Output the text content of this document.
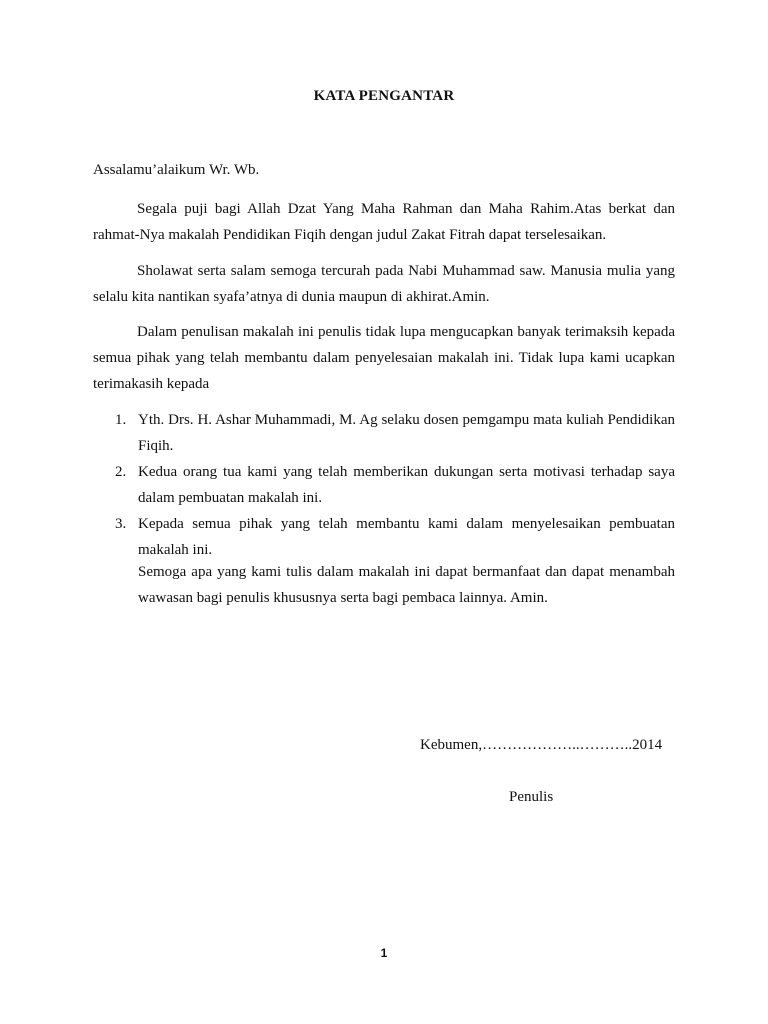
KATA PENGANTAR
Assalamu’alaikum Wr. Wb.

Segala puji bagi Allah Dzat Yang Maha Rahman dan Maha Rahim.Atas berkat dan rahmat-Nya makalah Pendidikan Fiqih dengan judul Zakat Fitrah dapat terselesaikan.

Sholawat serta salam semoga tercurah pada Nabi Muhammad saw. Manusia mulia yang selalu kita nantikan syafa’atnya di dunia maupun di akhirat.Amin.

Dalam penulisan makalah ini penulis tidak lupa mengucapkan banyak terimaksih kepada semua pihak yang telah membantu dalam penyelesaian makalah ini. Tidak lupa kami ucapkan terimakasih kepada

1. Yth. Drs. H. Ashar Muhammadi, M. Ag selaku dosen pemgampu mata kuliah Pendidikan Fiqih.
2. Kedua orang tua kami yang telah memberikan dukungan serta motivasi terhadap saya dalam pembuatan makalah ini.
3. Kepada semua pihak yang telah membantu kami dalam menyelesaikan pembuatan makalah ini.

Semoga apa yang kami tulis dalam makalah ini dapat bermanfaat dan dapat menambah wawasan bagi penulis khususnya serta bagi pembaca lainnya. Amin.

Kebumen,………………..………..2014
Penulis
1
